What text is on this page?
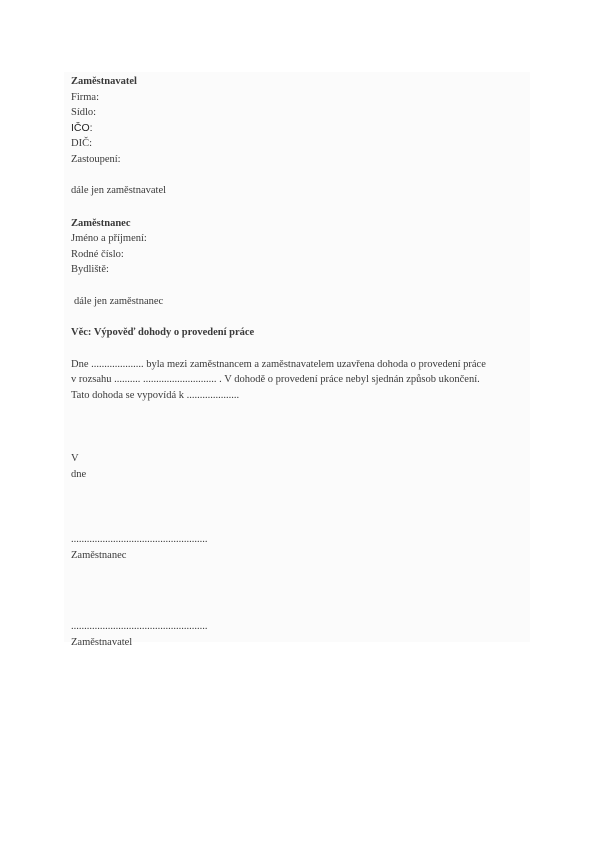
Zaměstnavatel
Firma:
Sídlo:
IČO:
DIČ:
Zastoupení:
dále jen zaměstnavatel
Zaměstnanec
Jméno a příjmení:
Rodné číslo:
Bydliště:
dále jen zaměstnanec
Věc: Výpověď dohody o provedení práce
Dne .................... byla mezi zaměstnancem a zaměstnavatelem uzavřena dohoda o provedení práce
v rozsahu .......... ............................ . V dohodě o provedení práce nebyl sjednán způsob ukončení.
Tato dohoda se vypovídá k ....................
V
dne
....................................................
Zaměstnanec
....................................................
Zaměstnavatel
